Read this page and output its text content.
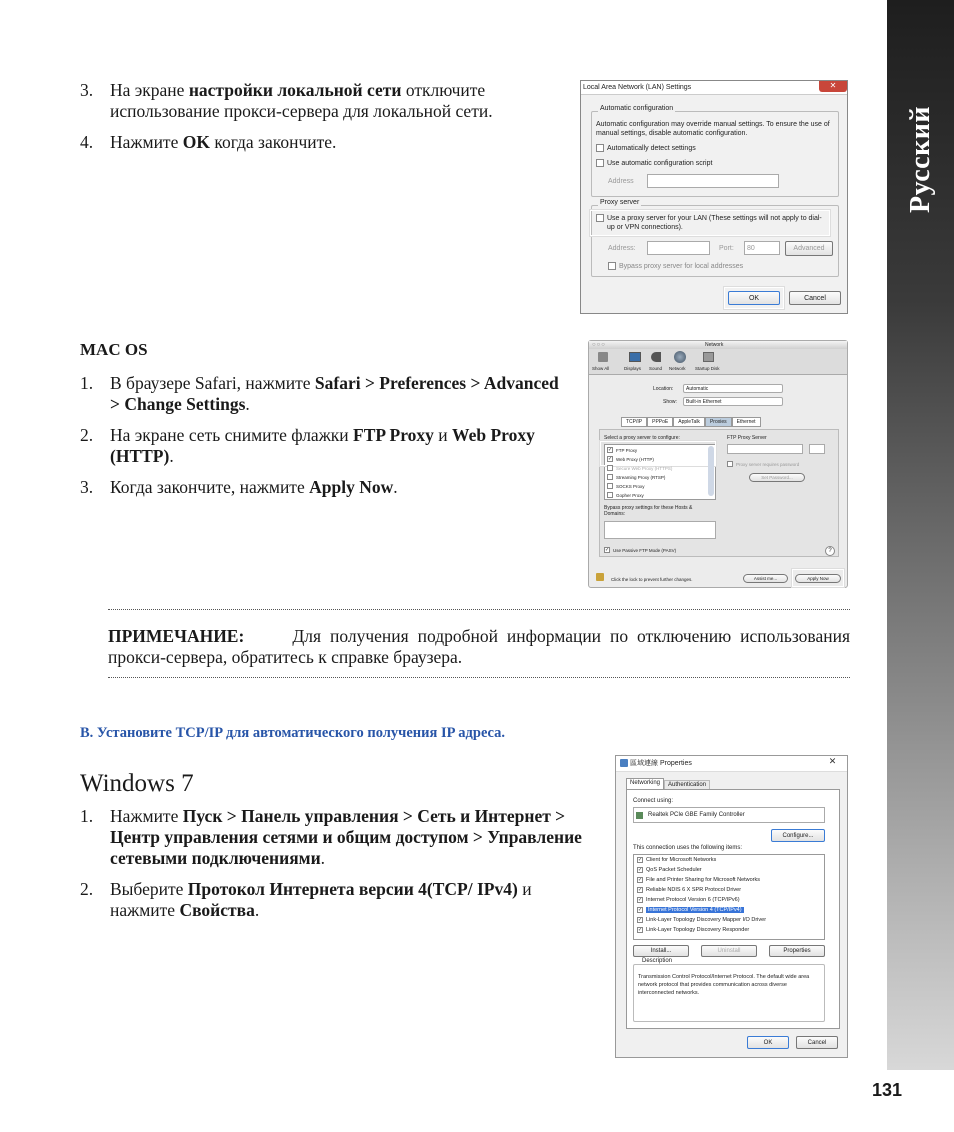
Русский
131
3. На экране настройки локальной сети отключите использование прокси-сервера для локальной сети.
4. Нажмите OK когда закончите.
Local Area Network (LAN) Settings	✕
Automatic configuration
Automatic configuration may override manual settings. To ensure the use of manual settings, disable automatic configuration.
Automatically detect settings
Use automatic configuration script
Address
Proxy server
Use a proxy server for your LAN (These settings will not apply to dial-up or VPN connections).
Address:	Port:	80	Advanced
Bypass proxy server for local addresses
OK	Cancel
MAC OS
1. В браузере Safari, нажмите Safari > Preferences > Advanced > Change Settings.
2. На экране сеть снимите флажки FTP Proxy и Web Proxy (HTTP).
3. Когда закончите, нажмите Apply Now.
○○○	Network
Show All	Displays Sound Network Startup Disk
Location:	Automatic
Show:	Built-in Ethernet
TCP/IP	PPPoE	AppleTalk	Proxies	Ethernet
Select a proxy server to configure:	FTP Proxy Server
✓ FTP Proxy
✓ Web Proxy (HTTP)
Secure Web Proxy (HTTPS)
Streaming Proxy (RTSP)
SOCKS Proxy
Gopher Proxy
Proxy server requires password
Set Password...
Bypass proxy settings for these Hosts & Domains:
✓ Use Passive FTP Mode (PASV)	?
Click the lock to prevent further changes.	Assist me...	Apply Now
ПРИМЕЧАНИЕ:	Для получения подробной информации по отключению использования прокси-сервера, обратитесь к справке браузера.
B. Установите TCP/IP для автоматического получения IP адреса.
Windows 7
1. Нажмите Пуск > Панель управления > Сеть и Интернет > Центр управления сетями и общим доступом > Управление сетевыми подключениями.
2. Выберите Протокол Интернета версии 4(TCP/ IPv4) и нажмите Свойства.
區域連線 Properties	✕
Networking	Authentication
Connect using:
Realtek PCIe GBE Family Controller
Configure...
This connection uses the following items:
✓ Client for Microsoft Networks
✓ QoS Packet Scheduler
✓ File and Printer Sharing for Microsoft Networks
✓ Reliable NDIS 6 X SPR Protocol Driver
✓ Internet Protocol Version 6 (TCP/IPv6)
✓	Internet Protocol Version 4 (TCP/IPv4)
✓ Link-Layer Topology Discovery Mapper I/O Driver
✓ Link-Layer Topology Discovery Responder
Install...	Uninstall	Properties
Description
Transmission Control Protocol/Internet Protocol. The default wide area network protocol that provides communication across diverse interconnected networks.
OK	Cancel
